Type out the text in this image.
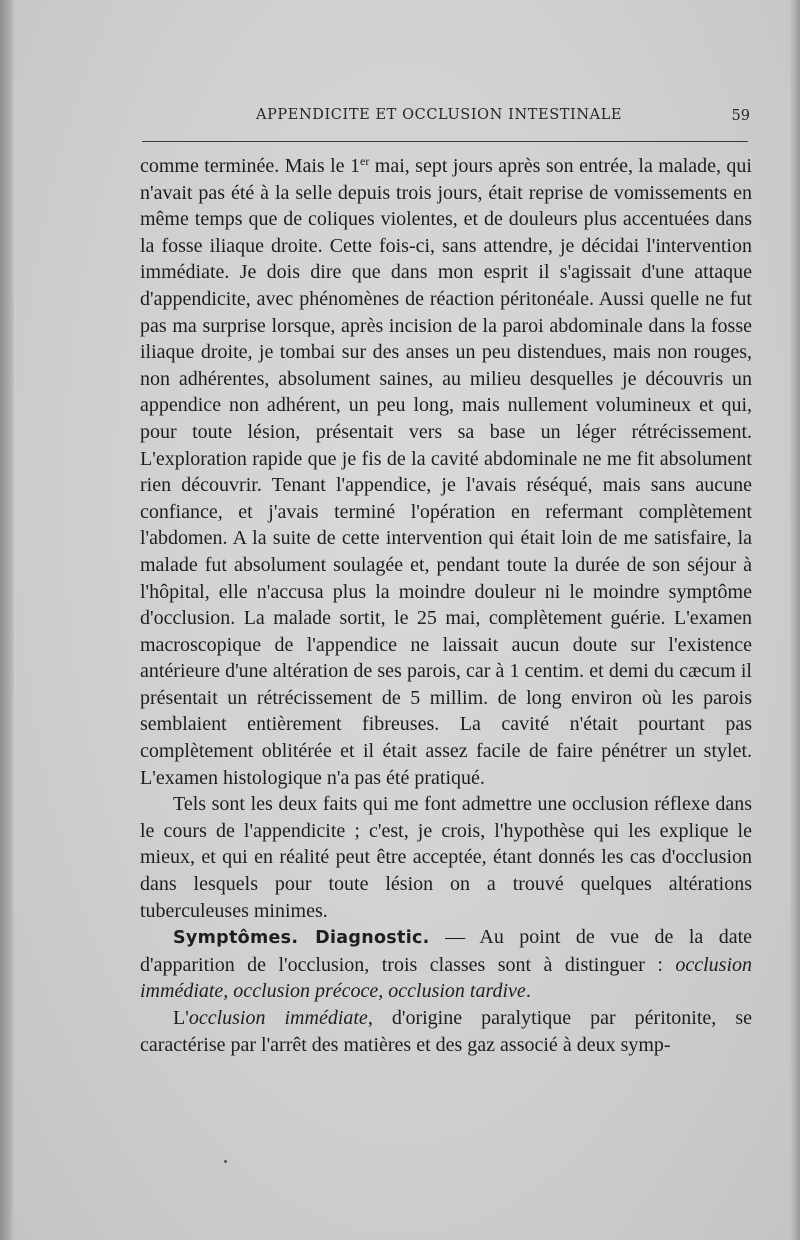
APPENDICITE ET OCCLUSION INTESTINALE	59

comme terminée. Mais le 1er mai, sept jours après son entrée, la malade, qui n'avait pas été à la selle depuis trois jours, était reprise de vomissements en même temps que de coliques violentes, et de douleurs plus accentuées dans la fosse iliaque droite. Cette fois-ci, sans attendre, je décidai l'intervention immédiate. Je dois dire que dans mon esprit il s'agissait d'une attaque d'appendicite, avec phénomènes de réaction péritonéale. Aussi quelle ne fut pas ma surprise lorsque, après incision de la paroi abdominale dans la fosse iliaque droite, je tombai sur des anses un peu distendues, mais non rouges, non adhérentes, absolument saines, au milieu desquelles je découvris un appendice non adhérent, un peu long, mais nullement volumineux et qui, pour toute lésion, présentait vers sa base un léger rétrécissement. L'exploration rapide que je fis de la cavité abdominale ne me fit absolument rien découvrir. Tenant l'appendice, je l'avais réséqué, mais sans aucune confiance, et j'avais terminé l'opération en refermant complètement l'abdomen. A la suite de cette intervention qui était loin de me satisfaire, la malade fut absolument soulagée et, pendant toute la durée de son séjour à l'hôpital, elle n'accusa plus la moindre douleur ni le moindre symptôme d'occlusion. La malade sortit, le 25 mai, complètement guérie. L'examen macroscopique de l'appendice ne laissait aucun doute sur l'existence antérieure d'une altération de ses parois, car à 1 centim. et demi du cæcum il présentait un rétrécissement de 5 millim. de long environ où les parois semblaient entièrement fibreuses. La cavité n'était pourtant pas complètement oblitérée et il était assez facile de faire pénétrer un stylet. L'examen histologique n'a pas été pratiqué.

Tels sont les deux faits qui me font admettre une occlusion réflexe dans le cours de l'appendicite ; c'est, je crois, l'hypothèse qui les explique le mieux, et qui en réalité peut être acceptée, étant donnés les cas d'occlusion dans lesquels pour toute lésion on a trouvé quelques altérations tuberculeuses minimes.

Symptômes. Diagnostic. — Au point de vue de la date d'apparition de l'occlusion, trois classes sont à distinguer : occlusion immédiate, occlusion précoce, occlusion tardive.

L'occlusion immédiate, d'origine paralytique par péritonite, se caractérise par l'arrêt des matières et des gaz associé à deux symp-
